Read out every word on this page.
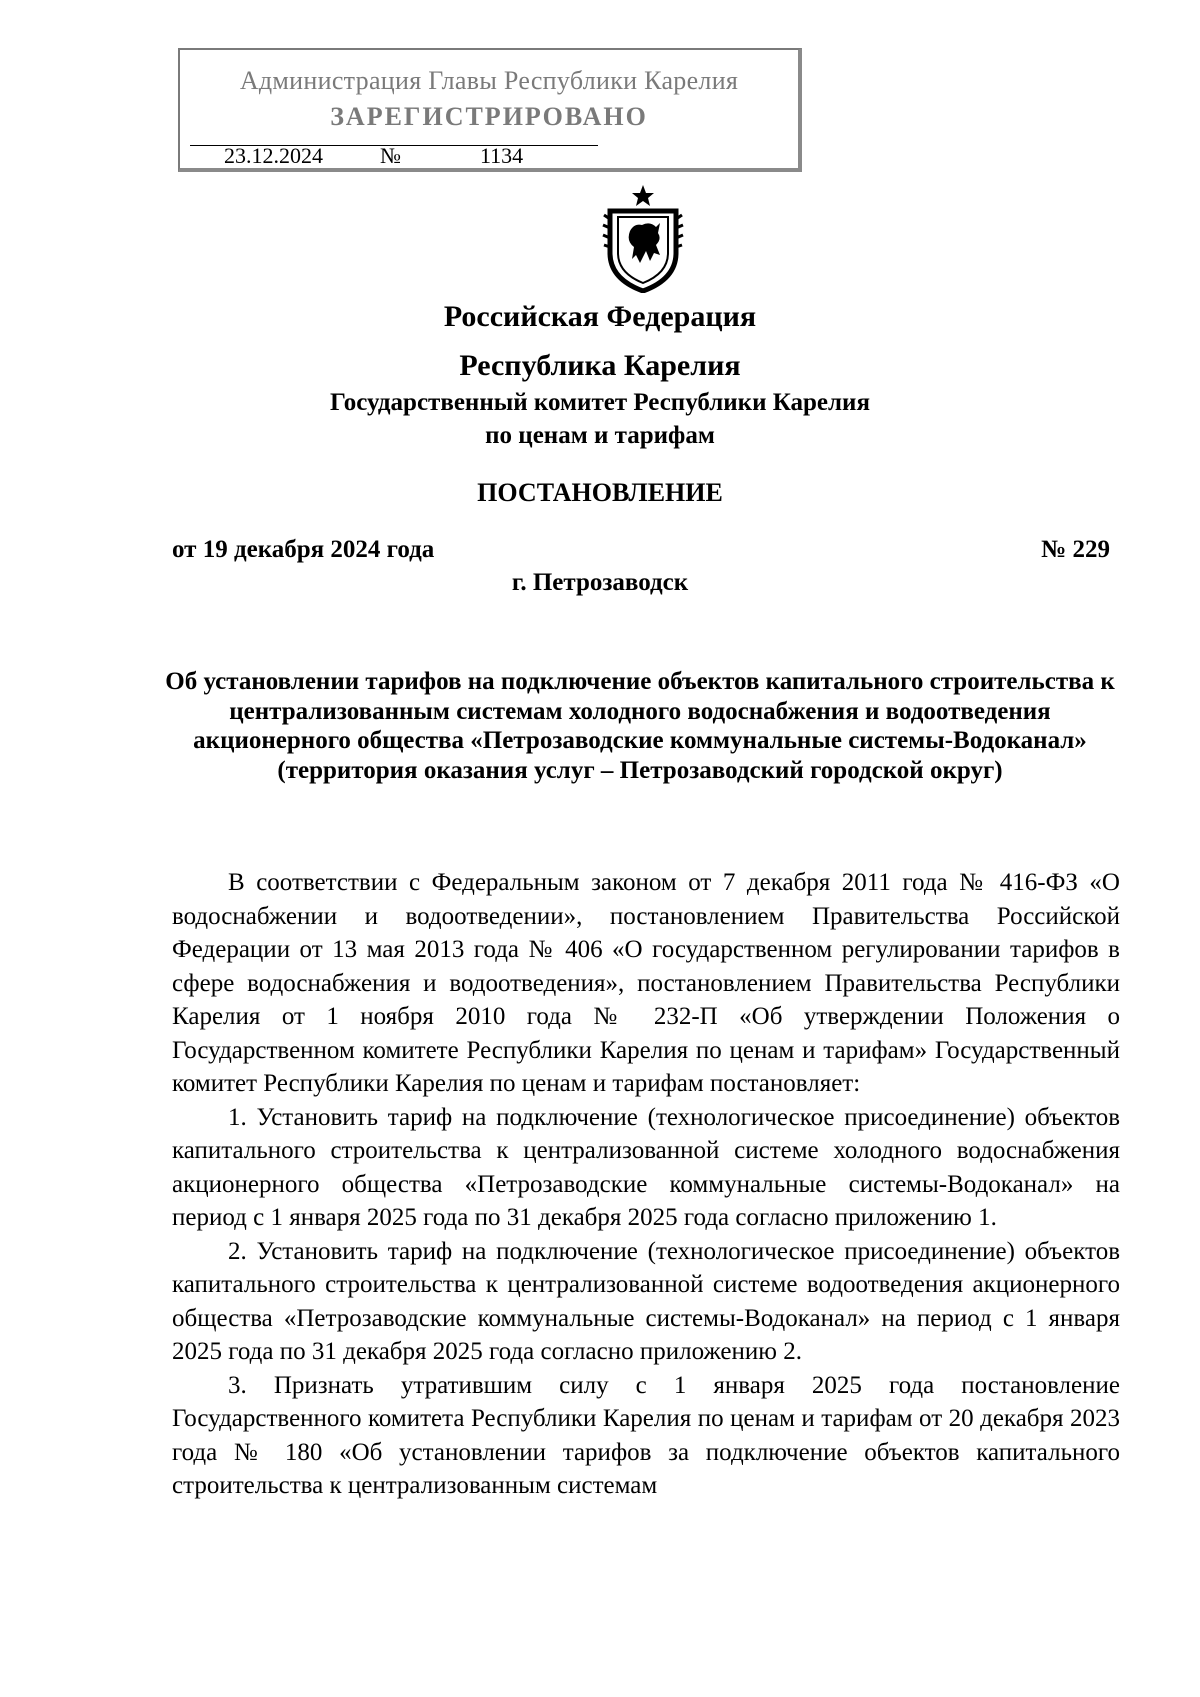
Администрация Главы Республики Карелия
ЗАРЕГИСТРИРОВАНО
23.12.2024	№	1134
Российская Федерация
Республика Карелия
Государственный комитет Республики Карелия
по ценам и тарифам
ПОСТАНОВЛЕНИЕ
от 19 декабря 2024 года	№ 229
г. Петрозаводск
Об установлении тарифов на подключение объектов капитального строительства к централизованным системам холодного водоснабжения и водоотведения акционерного общества «Петрозаводские коммунальные системы-Водоканал» (территория оказания услуг – Петрозаводский городской округ)

В соответствии с Федеральным законом от 7 декабря 2011 года № 416-ФЗ «О водоснабжении и водоотведении», постановлением Правительства Российской Федерации от 13 мая 2013 года № 406 «О государственном регулировании тарифов в сфере водоснабжения и водоотведения», постановлением Правительства Республики Карелия от 1 ноября 2010 года № 232-П «Об утверждении Положения о Государственном комитете Республики Карелия по ценам и тарифам» Государственный комитет Республики Карелия по ценам и тарифам постановляет:

1. Установить тариф на подключение (технологическое присоединение) объектов капитального строительства к централизованной системе холодного водоснабжения акционерного общества «Петрозаводские коммунальные системы-Водоканал» на период с 1 января 2025 года по 31 декабря 2025 года согласно приложению 1.

2. Установить тариф на подключение (технологическое присоединение) объектов капитального строительства к централизованной системе водоотведения акционерного общества «Петрозаводские коммунальные системы-Водоканал» на период с 1 января 2025 года по 31 декабря 2025 года согласно приложению 2.

3. Признать утратившим силу с 1 января 2025 года постановление Государственного комитета Республики Карелия по ценам и тарифам от 20 декабря 2023 года № 180 «Об установлении тарифов за подключение объектов капитального строительства к централизованным системам
